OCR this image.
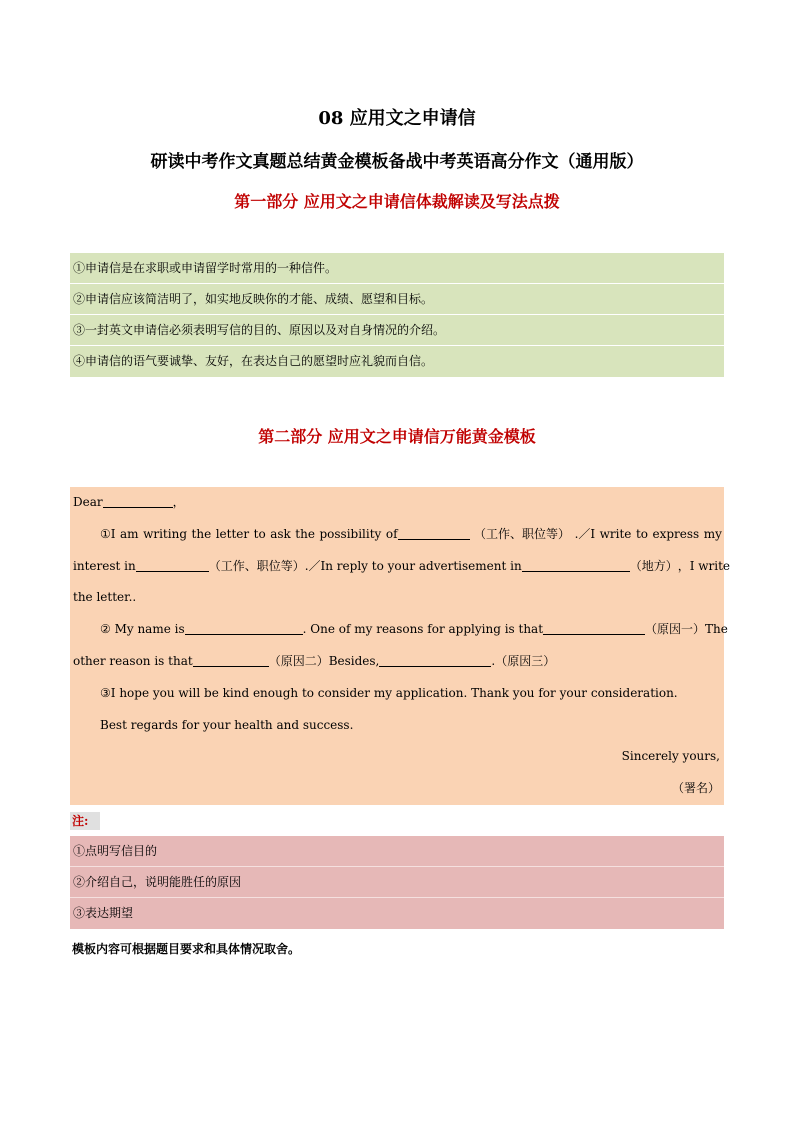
08 应用文之申请信
研读中考作文真题总结黄金模板备战中考英语高分作文（通用版）
第一部分 应用文之申请信体裁解读及写法点拨
①申请信是在求职或申请留学时常用的一种信件。
②申请信应该简洁明了，如实地反映你的才能、成绩、愿望和目标。
③一封英文申请信必须表明写信的目的、原因以及对自身情况的介绍。
④申请信的语气要诚挚、友好，在表达自己的愿望时应礼貌而自信。
第二部分 应用文之申请信万能黄金模板
Dear	，
①I am writing the letter to ask the possibility of	（工作、职位等） .／I write to express my
interest in	（工作、职位等）.／In reply to your advertisement in	（地方） ，I write
the letter..
② My name is	. One of my reasons for applying is that	（原因一）The
other reason is that	（原因二）Besides,	.（原因三）
③I hope you will be kind enough to consider my application. Thank you for your consideration.
Best regards for your health and success.
Sincerely yours,
（署名）
注:
①点明写信目的
②介绍自己，说明能胜任的原因
③表达期望
模板内容可根据题目要求和具体情况取舍。
